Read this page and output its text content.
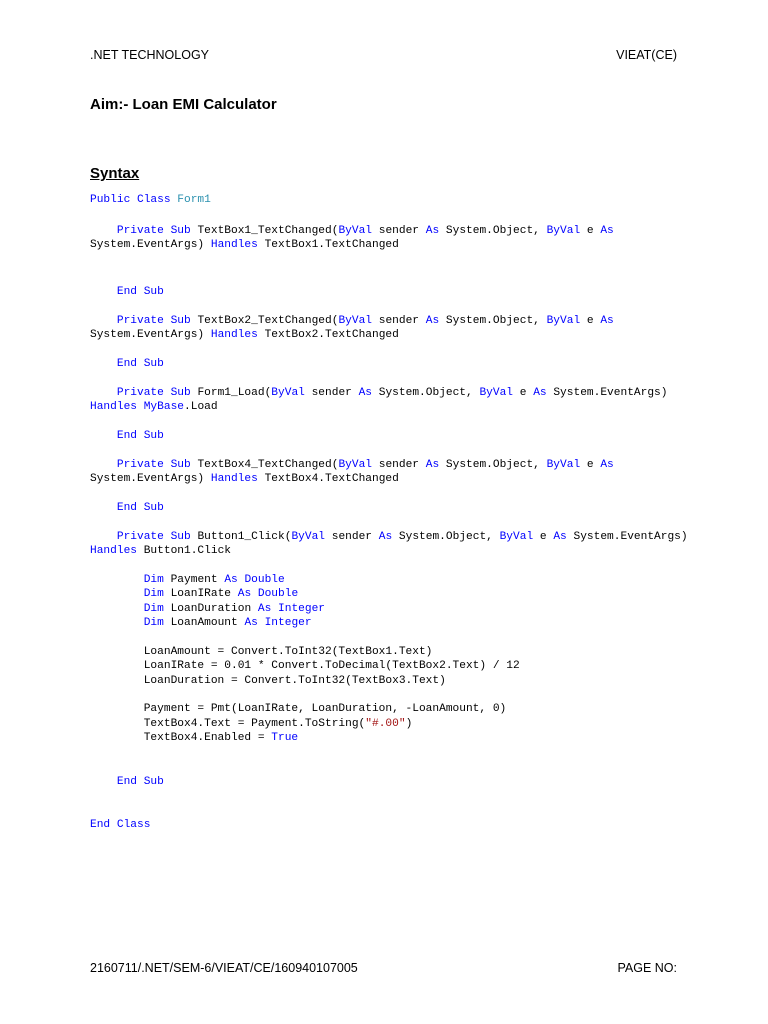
.NET TECHNOLOGY	VIEAT(CE)
Aim:- Loan EMI Calculator
Syntax
Public Class Form1
Private Sub TextBox1_TextChanged(ByVal sender As System.Object, ByVal e As
System.EventArgs) Handles TextBox1.TextChanged
End Sub
Private Sub TextBox2_TextChanged(ByVal sender As System.Object, ByVal e As
System.EventArgs) Handles TextBox2.TextChanged
End Sub
Private Sub Form1_Load(ByVal sender As System.Object, ByVal e As System.EventArgs)
Handles MyBase.Load
End Sub
Private Sub TextBox4_TextChanged(ByVal sender As System.Object, ByVal e As
System.EventArgs) Handles TextBox4.TextChanged
End Sub
Private Sub Button1_Click(ByVal sender As System.Object, ByVal e As System.EventArgs)
Handles Button1.Click
Dim Payment As Double
Dim LoanIRate As Double
Dim LoanDuration As Integer
Dim LoanAmount As Integer
LoanAmount = Convert.ToInt32(TextBox1.Text)
LoanIRate = 0.01 * Convert.ToDecimal(TextBox2.Text) / 12
LoanDuration = Convert.ToInt32(TextBox3.Text)
Payment = Pmt(LoanIRate, LoanDuration, -LoanAmount, 0)
TextBox4.Text = Payment.ToString("#.00")
TextBox4.Enabled = True
End Sub
End Class
2160711/.NET/SEM-6/VIEAT/CE/160940107005	PAGE NO:
